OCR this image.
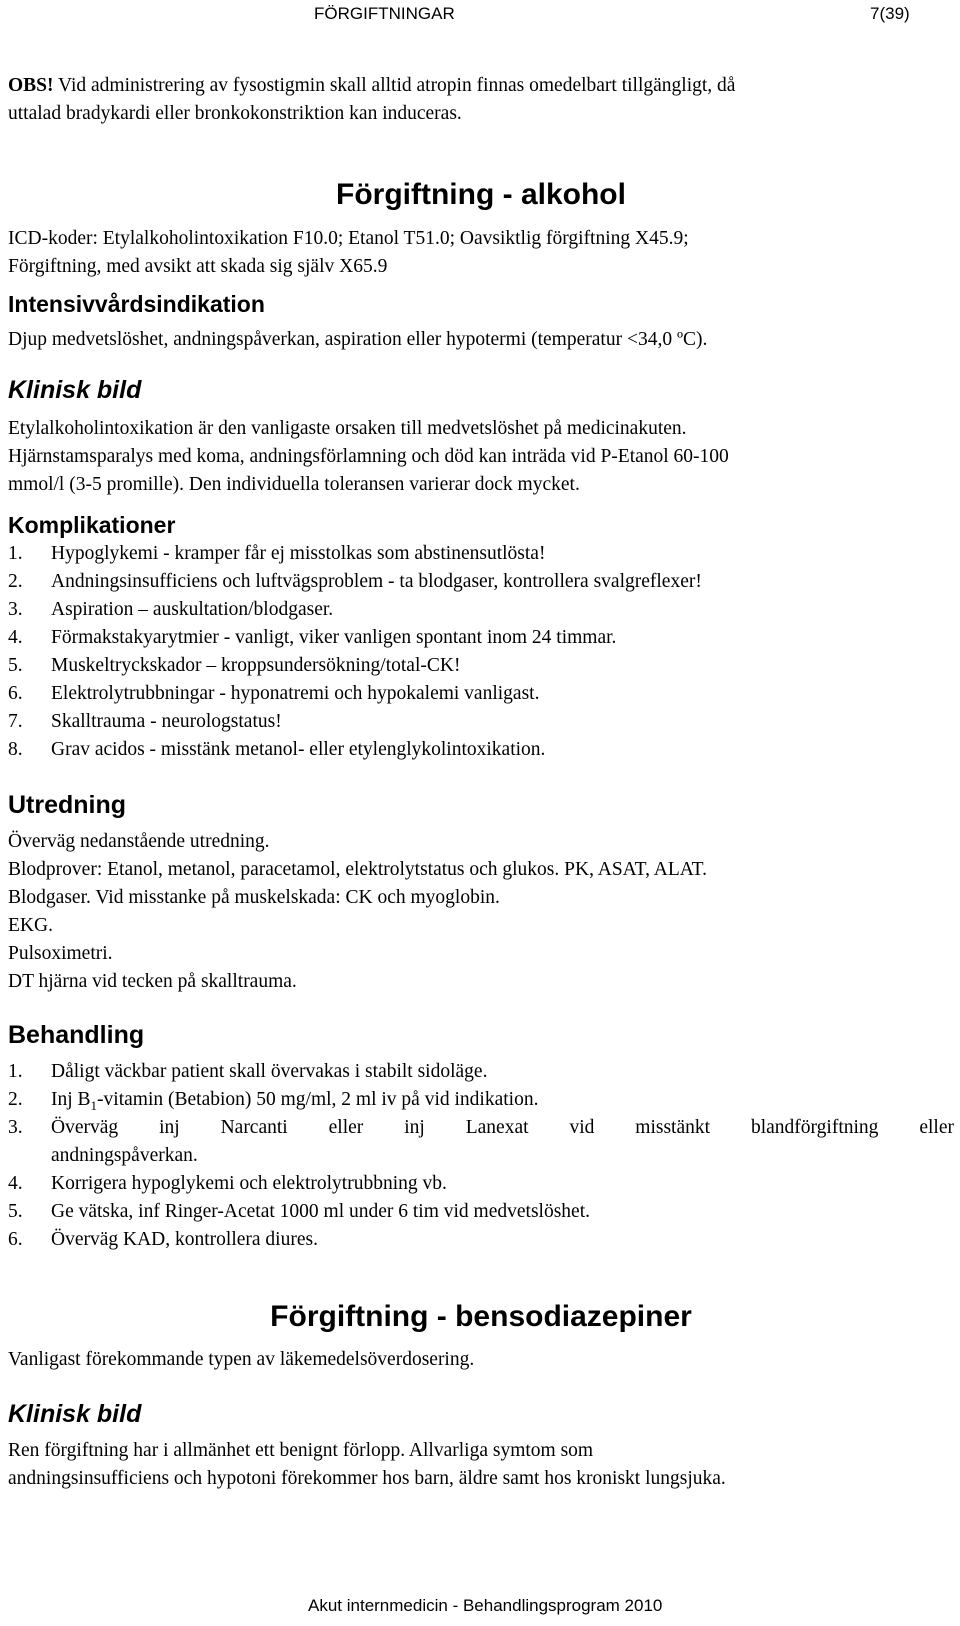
FÖRGIFTNINGAR	7(39)
OBS! Vid administrering av fysostigmin skall alltid atropin finnas omedelbart tillgängligt, då
uttalad bradykardi eller bronkokonstriktion kan induceras.
Förgiftning - alkohol
ICD-koder: Etylalkoholintoxikation F10.0; Etanol T51.0; Oavsiktlig förgiftning X45.9;
Förgiftning, med avsikt att skada sig själv X65.9
Intensivvårdsindikation
Djup medvetslöshet, andningspåverkan, aspiration eller hypotermi (temperatur <34,0 ºC).
Klinisk bild
Etylalkoholintoxikation är den vanligaste orsaken till medvetslöshet på medicinakuten.
Hjärnstamsparalys med koma, andningsförlamning och död kan inträda vid P-Etanol 60-100
mmol/l (3-5 promille). Den individuella toleransen varierar dock mycket.
Komplikationer
1.	Hypoglykemi - kramper får ej misstolkas som abstinensutlösta!
2.	Andningsinsufficiens och luftvägsproblem - ta blodgaser, kontrollera svalgreflexer!
3.	Aspiration – auskultation/blodgaser.
4.	Förmakstakyarytmier - vanligt, viker vanligen spontant inom 24 timmar.
5.	Muskeltryckskador – kroppsundersökning/total-CK!
6.	Elektrolytrubbningar - hyponatremi och hypokalemi vanligast.
7.	Skalltrauma - neurologstatus!
8.	Grav acidos - misstänk metanol- eller etylenglykolintoxikation.
Utredning
Överväg nedanstående utredning.
Blodprover: Etanol, metanol, paracetamol, elektrolytstatus och glukos. PK, ASAT, ALAT.
Blodgaser. Vid misstanke på muskelskada: CK och myoglobin.
EKG.
Pulsoximetri.
DT hjärna vid tecken på skalltrauma.
Behandling
1.	Dåligt väckbar patient skall övervakas i stabilt sidoläge.
2.	Inj $B_1$-vitamin (Betabion) 50 mg/ml, 2 ml iv på vid indikation.
3.	Överväg inj Narcanti eller inj Lanexat vid misstänkt blandförgiftning eller
andningspåverkan.
4.	Korrigera hypoglykemi och elektrolytrubbning vb.
5.	Ge vätska, inf Ringer-Acetat 1000 ml under 6 tim vid medvetslöshet.
6.	Överväg KAD, kontrollera diures.
Förgiftning - bensodiazepiner
Vanligast förekommande typen av läkemedelsöverdosering.
Klinisk bild
Ren förgiftning har i allmänhet ett benignt förlopp. Allvarliga symtom som
andningsinsufficiens och hypotoni förekommer hos barn, äldre samt hos kroniskt lungsjuka.
Akut internmedicin - Behandlingsprogram 2010
